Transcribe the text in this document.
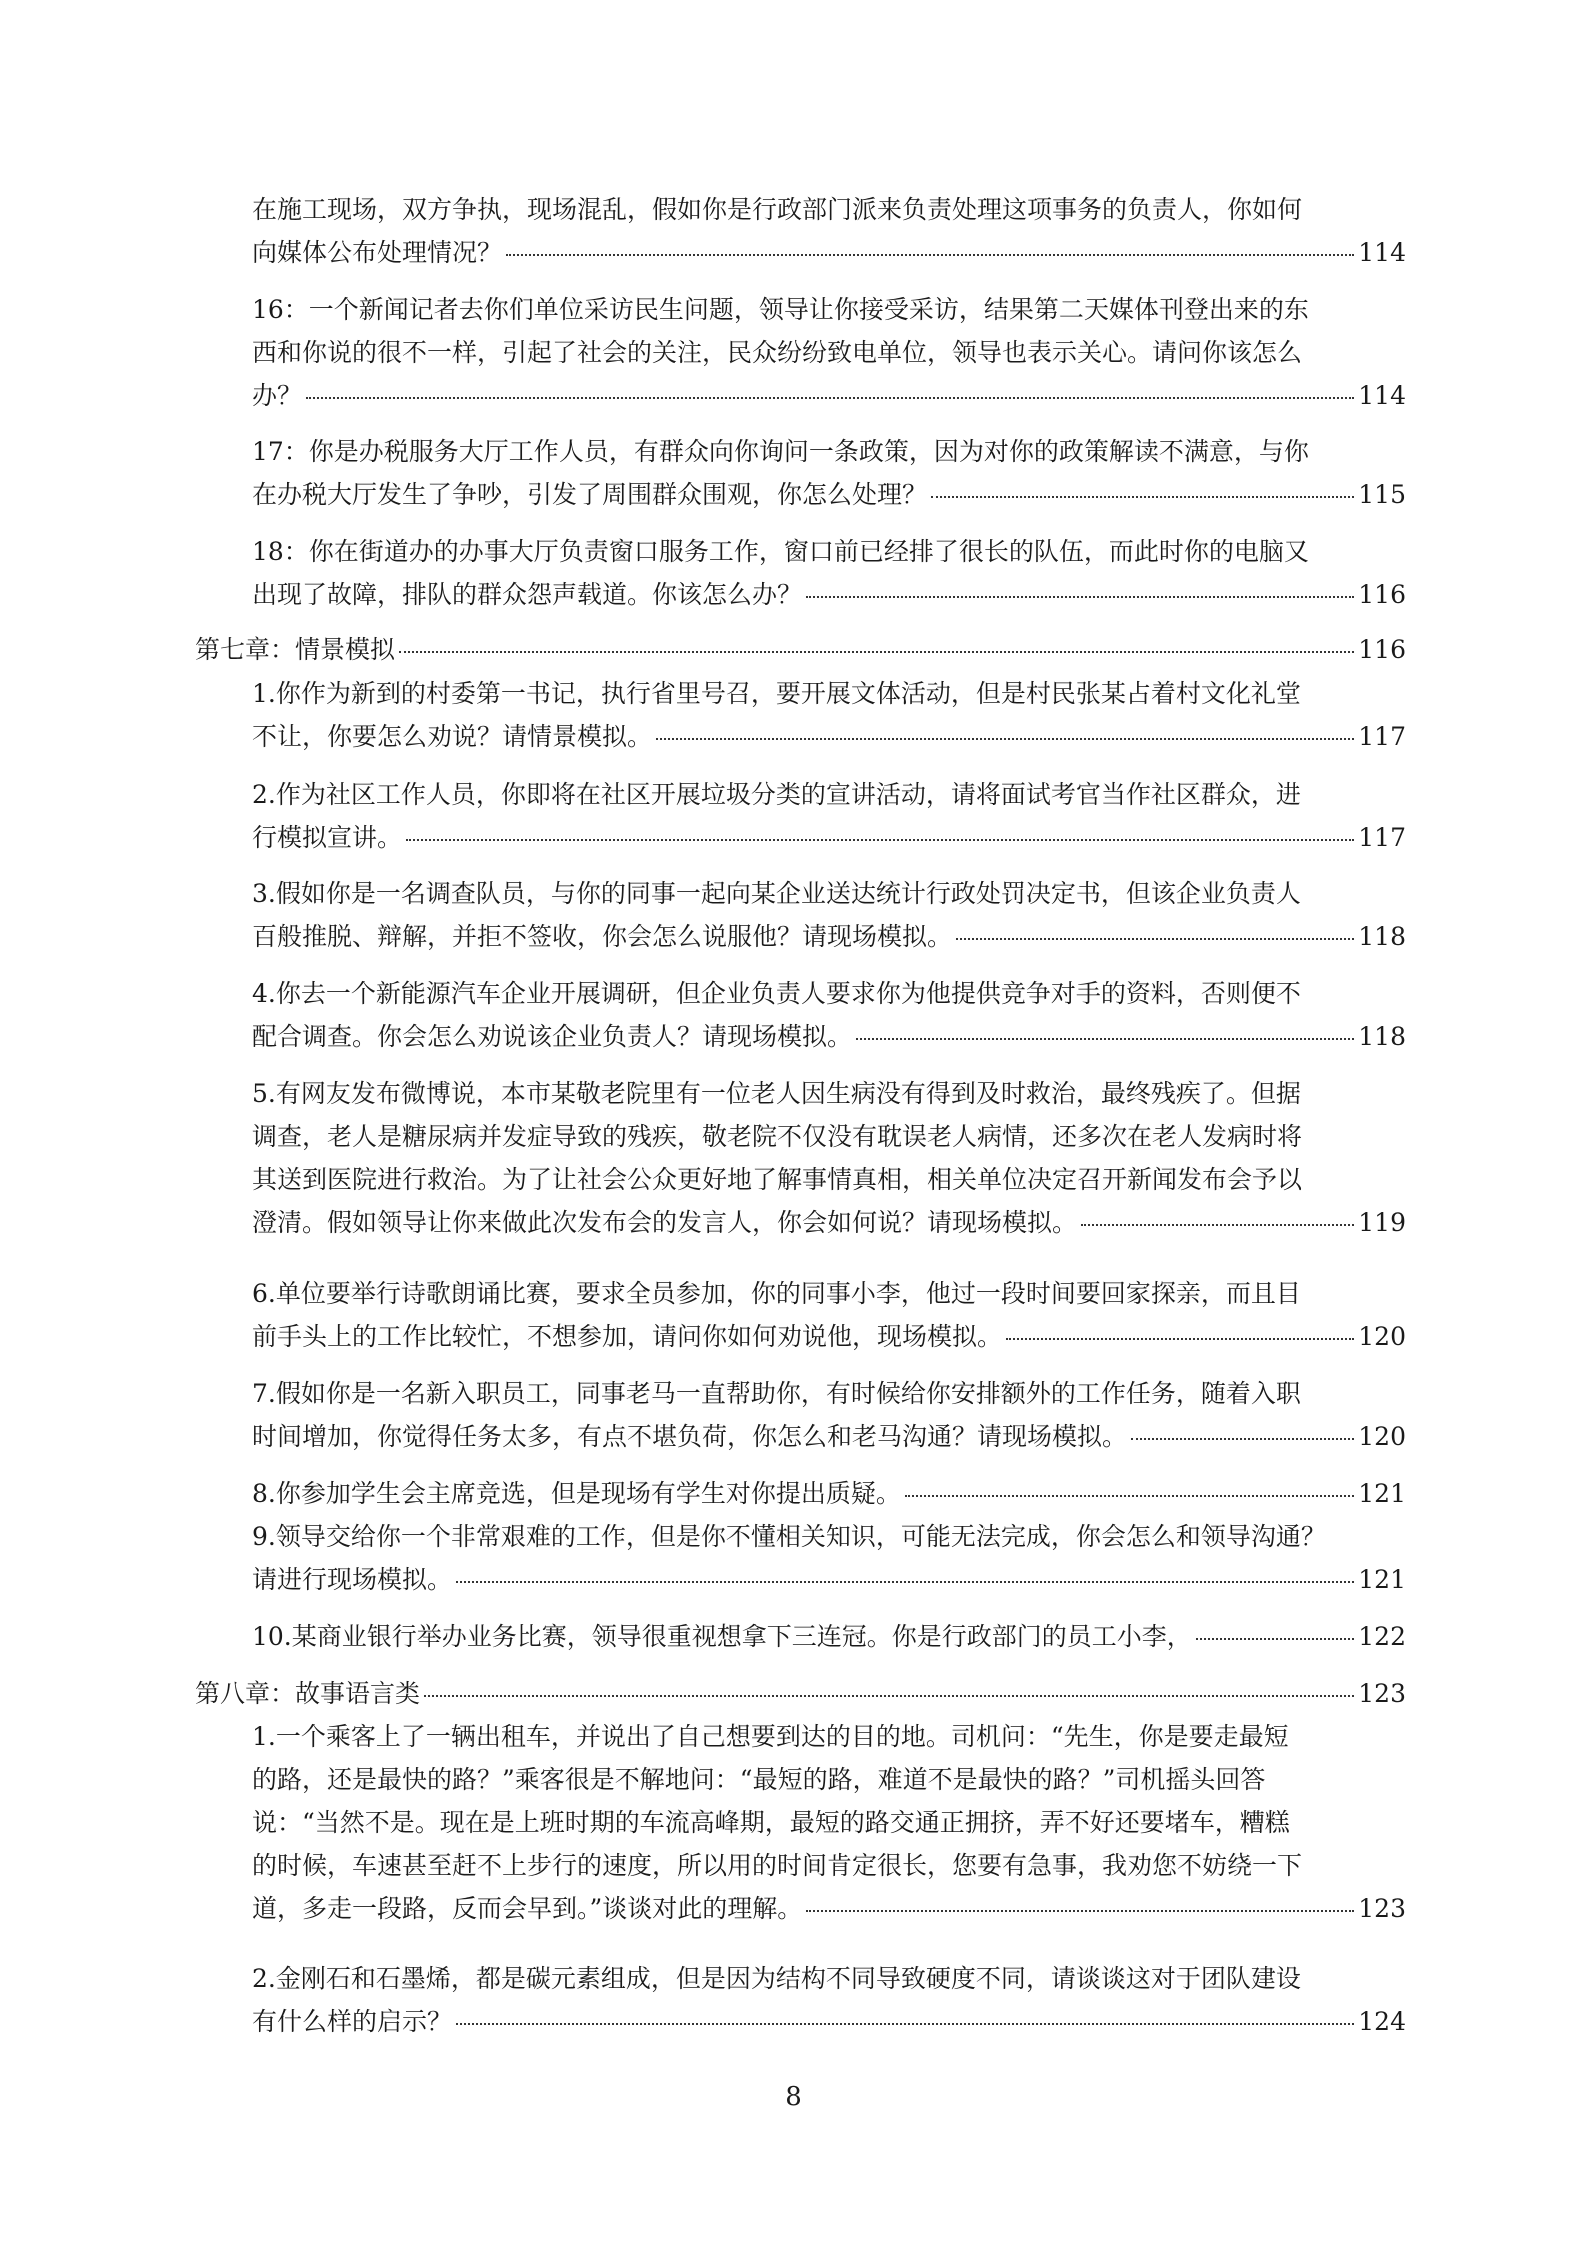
在施工现场，双方争执，现场混乱，假如你是行政部门派来负责处理这项事务的负责人，你如何
向媒体公布处理情况？	114
16：一个新闻记者去你们单位采访民生问题，领导让你接受采访，结果第二天媒体刊登出来的东
西和你说的很不一样，引起了社会的关注，民众纷纷致电单位，领导也表示关心。请问你该怎么
办？	114
17：你是办税服务大厅工作人员，有群众向你询问一条政策，因为对你的政策解读不满意，与你
在办税大厅发生了争吵，引发了周围群众围观，你怎么处理？	115
18：你在街道办的办事大厅负责窗口服务工作，窗口前已经排了很长的队伍，而此时你的电脑又
出现了故障，排队的群众怨声载道。你该怎么办？	116
第七章：情景模拟	116
1.你作为新到的村委第一书记，执行省里号召，要开展文体活动，但是村民张某占着村文化礼堂
不让，你要怎么劝说？请情景模拟。	117
2.作为社区工作人员，你即将在社区开展垃圾分类的宣讲活动，请将面试考官当作社区群众，进
行模拟宣讲。	117
3.假如你是一名调查队员，与你的同事一起向某企业送达统计行政处罚决定书，但该企业负责人
百般推脱、辩解，并拒不签收，你会怎么说服他？请现场模拟。	118
4.你去一个新能源汽车企业开展调研，但企业负责人要求你为他提供竞争对手的资料，否则便不
配合调查。你会怎么劝说该企业负责人？请现场模拟。	118
5.有网友发布微博说，本市某敬老院里有一位老人因生病没有得到及时救治，最终残疾了。但据
调查，老人是糖尿病并发症导致的残疾，敬老院不仅没有耽误老人病情，还多次在老人发病时将
其送到医院进行救治。为了让社会公众更好地了解事情真相，相关单位决定召开新闻发布会予以
澄清。假如领导让你来做此次发布会的发言人，你会如何说？请现场模拟。	119
6.单位要举行诗歌朗诵比赛，要求全员参加，你的同事小李，他过一段时间要回家探亲，而且目
前手头上的工作比较忙，不想参加，请问你如何劝说他，现场模拟。	120
7.假如你是一名新入职员工，同事老马一直帮助你，有时候给你安排额外的工作任务，随着入职
时间增加，你觉得任务太多，有点不堪负荷，你怎么和老马沟通？请现场模拟。	120
8.你参加学生会主席竞选，但是现场有学生对你提出质疑。	121
9.领导交给你一个非常艰难的工作，但是你不懂相关知识，可能无法完成，你会怎么和领导沟通？
请进行现场模拟。	121
10.某商业银行举办业务比赛，领导很重视想拿下三连冠。你是行政部门的员工小李，	122
第八章：故事语言类	123
1.一个乘客上了一辆出租车，并说出了自己想要到达的目的地。司机问：“先生，你是要走最短
的路，还是最快的路？”乘客很是不解地问：“最短的路，难道不是最快的路？”司机摇头回答
说：“当然不是。现在是上班时期的车流高峰期，最短的路交通正拥挤，弄不好还要堵车，糟糕
的时候，车速甚至赶不上步行的速度，所以用的时间肯定很长，您要有急事，我劝您不妨绕一下
道，多走一段路，反而会早到。”谈谈对此的理解。	123
2.金刚石和石墨烯，都是碳元素组成，但是因为结构不同导致硬度不同，请谈谈这对于团队建设
有什么样的启示？	124
8
